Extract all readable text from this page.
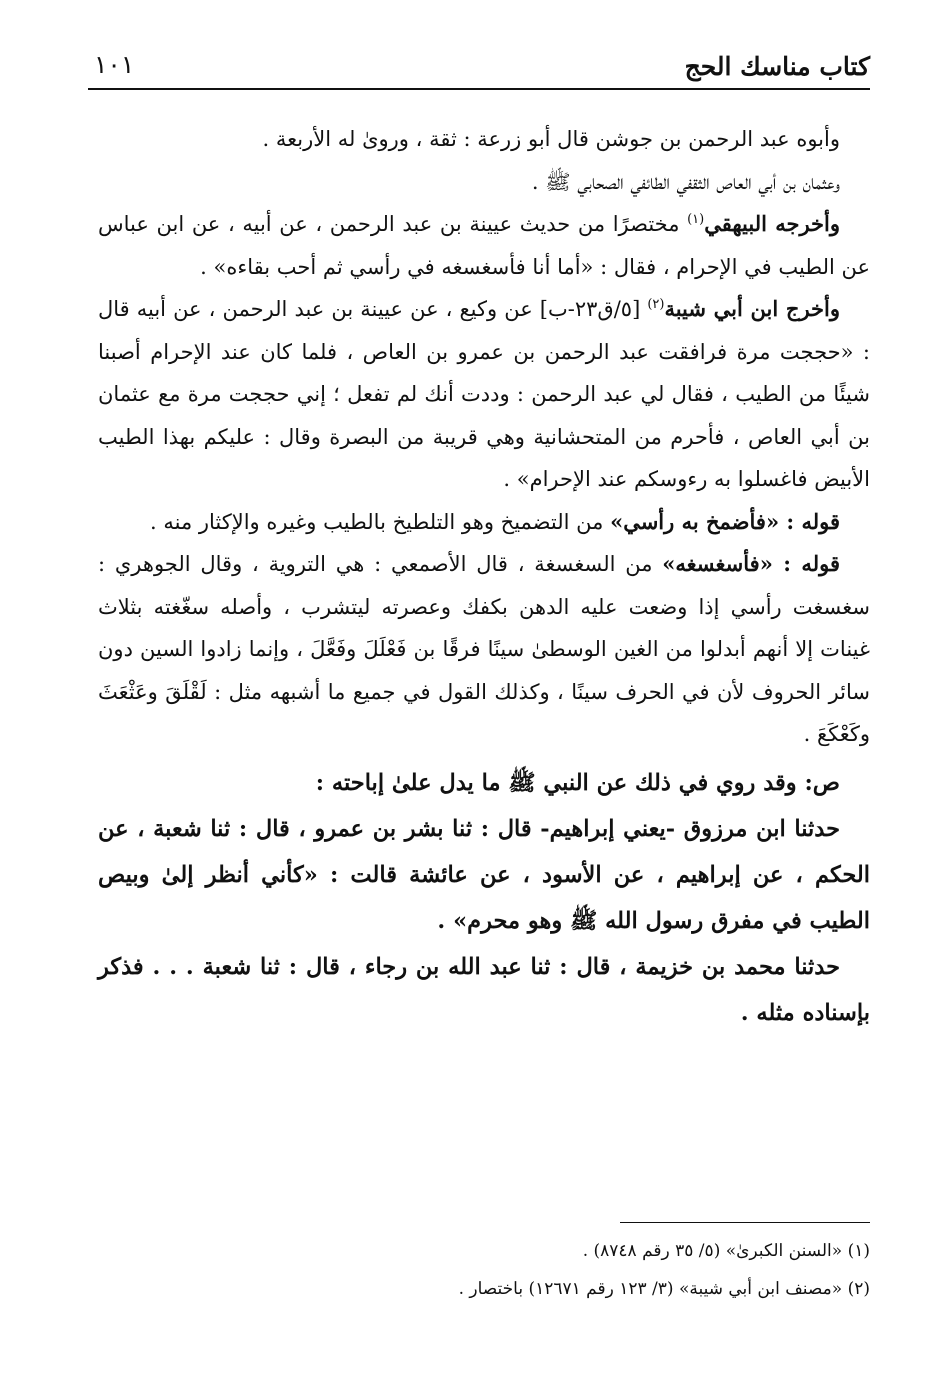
كتاب مناسك الحج
١٠١

وأبوه عبد الرحمن بن جوشن قال أبو زرعة : ثقة ، وروىٰ له الأربعة .

وعثمان بن أبي العاص الثقفي الطائفي الصحابي ﷺ .

وأخرجه البيهقي$^{(١)}$ مختصرًا من حديث عيينة بن عبد الرحمن ، عن أبيه ، عن ابن عباس عن الطيب في الإحرام ، فقال : «أما أنا فأسغسغه في رأسي ثم أحب بقاءه» .

وأخرج ابن أبي شيبة$^{(٢)}$ [٥/ق٢٣-ب] عن وكيع ، عن عيينة بن عبد الرحمن ، عن أبيه قال : «حججت مرة فرافقت عبد الرحمن بن عمرو بن العاص ، فلما كان عند الإحرام أصبنا شيئًا من الطيب ، فقال لي عبد الرحمن : وددت أنك لم تفعل ؛ إني حججت مرة مع عثمان بن أبي العاص ، فأحرم من المتحشانية وهي قريبة من البصرة وقال : عليكم بهذا الطيب الأبيض فاغسلوا به رءوسكم عند الإحرام» .

قوله : «فأضمخ به رأسي» من التضميخ وهو التلطيخ بالطيب وغيره والإكثار منه .

قوله : «فأسغسغه» من السغسغة ، قال الأصمعي : هي التروية ، وقال الجوهري : سغسغت رأسي إذا وضعت عليه الدهن بكفك وعصرته ليتشرب ، وأصله سغّغته بثلاث غينات إلا أنهم أبدلوا من الغين الوسطىٰ سينًا فرقًا بن فَعْلَلَ وفَعَّلَ ، وإنما زادوا السين دون سائر الحروف لأن في الحرف سينًا ، وكذلك القول في جميع ما أشبهه مثل : لَقْلَقَ وعَثْعَثَ وكَعْكَعَ .

ص: وقد روي في ذلك عن النبي ﷺ ما يدل علىٰ إباحته :

حدثنا ابن مرزوق -يعني إبراهيم- قال : ثنا بشر بن عمرو ، قال : ثنا شعبة ، عن الحكم ، عن إبراهيم ، عن الأسود ، عن عائشة قالت : «كأني أنظر إلىٰ وبيص الطيب في مفرق رسول الله ﷺ وهو محرم» .

حدثنا محمد بن خزيمة ، قال : ثنا عبد الله بن رجاء ، قال : ثنا شعبة . . . فذكر بإسناده مثله .

(١) «السنن الكبرىٰ» (٥/ ٣٥ رقم ٨٧٤٨) .

(٢) «مصنف ابن أبي شيبة» (٣/ ١٢٣ رقم ١٢٦٧١) باختصار .
